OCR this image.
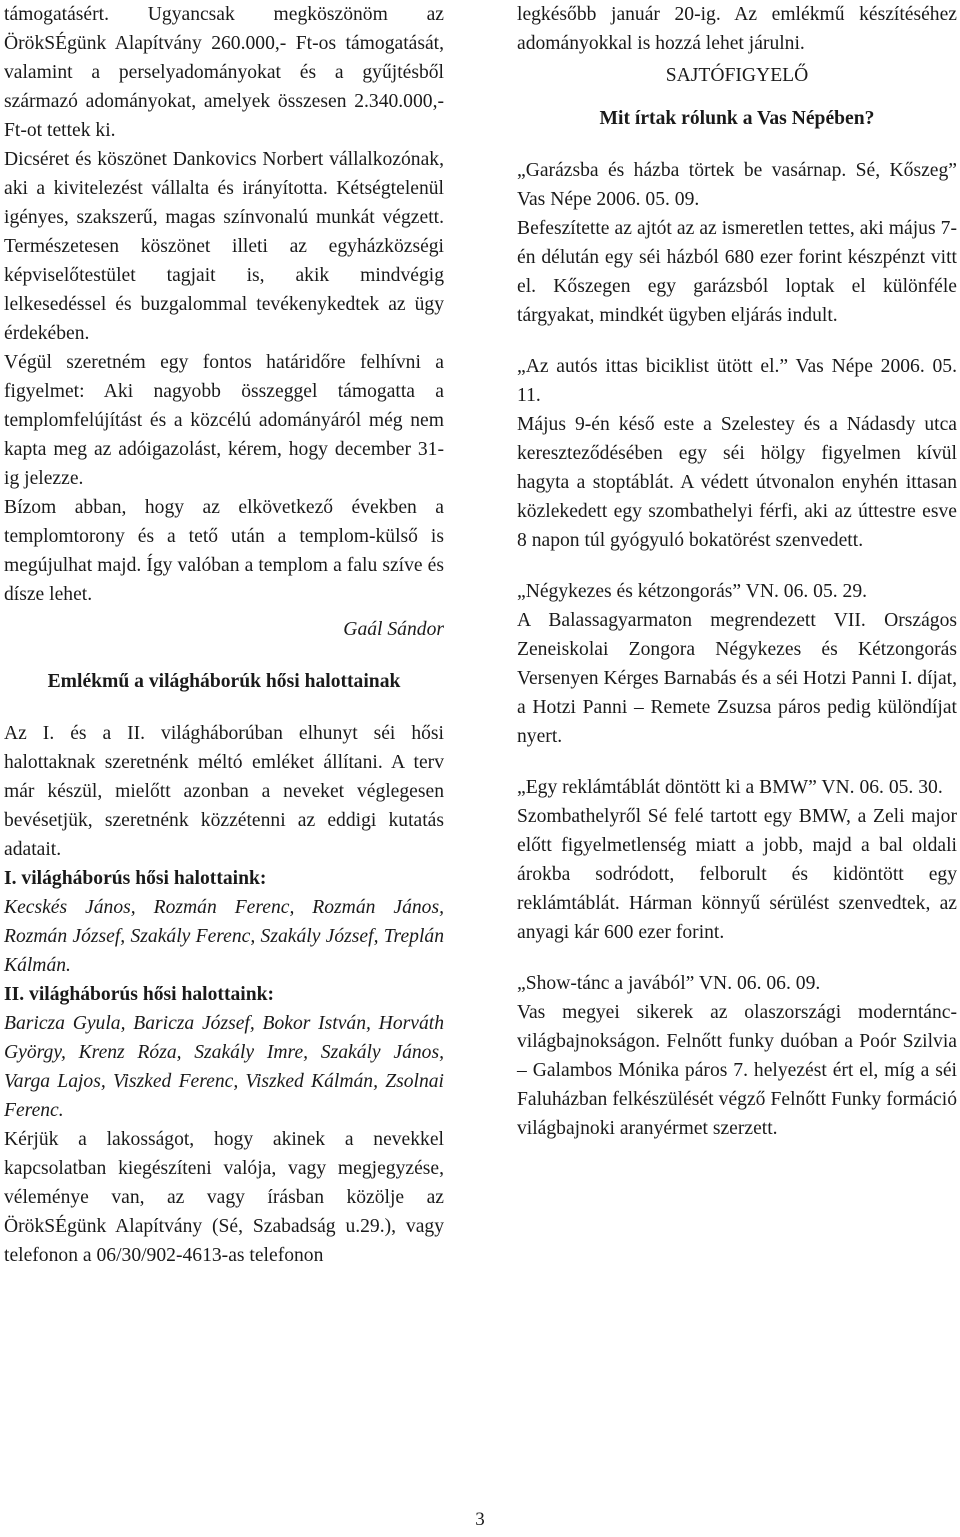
támogatásért. Ugyancsak megköszönöm az ÖrökSÉgünk Alapítvány 260.000,- Ft-os támogatását, valamint a perselyadományokat és a gyűjtésből származó adományokat, amelyek összesen 2.340.000,-Ft-ot tettek ki.

Dicséret és köszönet Dankovics Norbert vállalkozónak, aki a kivitelezést vállalta és irányította. Kétségtelenül igényes, szakszerű, magas színvonalú munkát végzett. Természetesen köszönet illeti az egyházközségi képviselőtestület tagjait is, akik mindvégig lelkesedéssel és buzgalommal tevékenykedtek az ügy érdekében.

Végül szeretném egy fontos határidőre felhívni a figyelmet: Aki nagyobb összeggel támogatta a templomfelújítást és a közcélú adományáról még nem kapta meg az adóigazolást, kérem, hogy december 31-ig jelezze.

Bízom abban, hogy az elkövetkező években a templomtorony és a tető után a templom-külső is megújulhat majd. Így valóban a templom a falu szíve és dísze lehet.

Gaál Sándor

Emlékmű a világháborúk hősi halottainak

Az I. és a II. világháborúban elhunyt séi hősi halottaknak szeretnénk méltó emléket állítani. A terv már készül, mielőtt azonban a neveket véglegesen bevésetjük, szeretnénk közzétenni az eddigi kutatás adatait.

I. világháborús hősi halottaink:

Kecskés János, Rozmán Ferenc, Rozmán János, Rozmán József, Szakály Ferenc, Szakály József, Treplán Kálmán.

II. világháborús hősi halottaink:

Baricza Gyula, Baricza József, Bokor István, Horváth György, Krenz Róza, Szakály Imre, Szakály János, Varga Lajos, Viszked Ferenc, Viszked Kálmán, Zsolnai Ferenc.

Kérjük a lakosságot, hogy akinek a nevekkel kapcsolatban kiegészíteni valója, vagy megjegyzése, véleménye van, az vagy írásban közölje az ÖrökSÉgünk Alapítvány (Sé, Szabadság u.29.), vagy telefonon a 06/30/902-4613-as telefonon

legkésőbb január 20-ig. Az emlékmű készítéséhez adományokkal is hozzá lehet járulni.

SAJTÓFIGYELŐ

Mit írtak rólunk a Vas Népében?

„Garázsba és házba törtek be vasárnap. Sé, Kőszeg” Vas Népe 2006. 05. 09.

Befeszítette az ajtót az az ismeretlen tettes, aki május 7-én délután egy séi házból 680 ezer forint készpénzt vitt el. Kőszegen egy garázsból loptak el különféle tárgyakat, mindkét ügyben eljárás indult.

„Az autós ittas biciklist ütött el.” Vas Népe 2006. 05. 11.

Május 9-én késő este a Szelestey és a Nádasdy utca kereszteződésében egy séi hölgy figyelmen kívül hagyta a stoptáblát. A védett útvonalon enyhén ittasan közlekedett egy szombathelyi férfi, aki az úttestre esve 8 napon túl gyógyuló bokatörést szenvedett.

„Négykezes és kétzongorás” VN. 06. 05. 29.

A Balassagyarmaton megrendezett VII. Országos Zeneiskolai Zongora Négykezes és Kétzongorás Versenyen Kérges Barnabás és a séi Hotzi Panni I. díjat, a Hotzi Panni – Remete Zsuzsa páros pedig különdíjat nyert.

„Egy reklámtáblát döntött ki a BMW” VN. 06. 05. 30.

Szombathelyről Sé felé tartott egy BMW, a Zeli major előtt figyelmetlenség miatt a jobb, majd a bal oldali árokba sodródott, felborult és kidöntött egy reklámtáblát. Hárman könnyű sérülést szenvedtek, az anyagi kár 600 ezer forint.

„Show-tánc a javából” VN. 06. 06. 09.

Vas megyei sikerek az olaszországi moderntánc-világbajnokságon. Felnőtt funky duóban a Poór Szilvia – Galambos Mónika páros 7. helyezést ért el, míg a séi Faluházban felkészülését végző Felnőtt Funky formáció világbajnoki aranyérmet szerzett.

3
